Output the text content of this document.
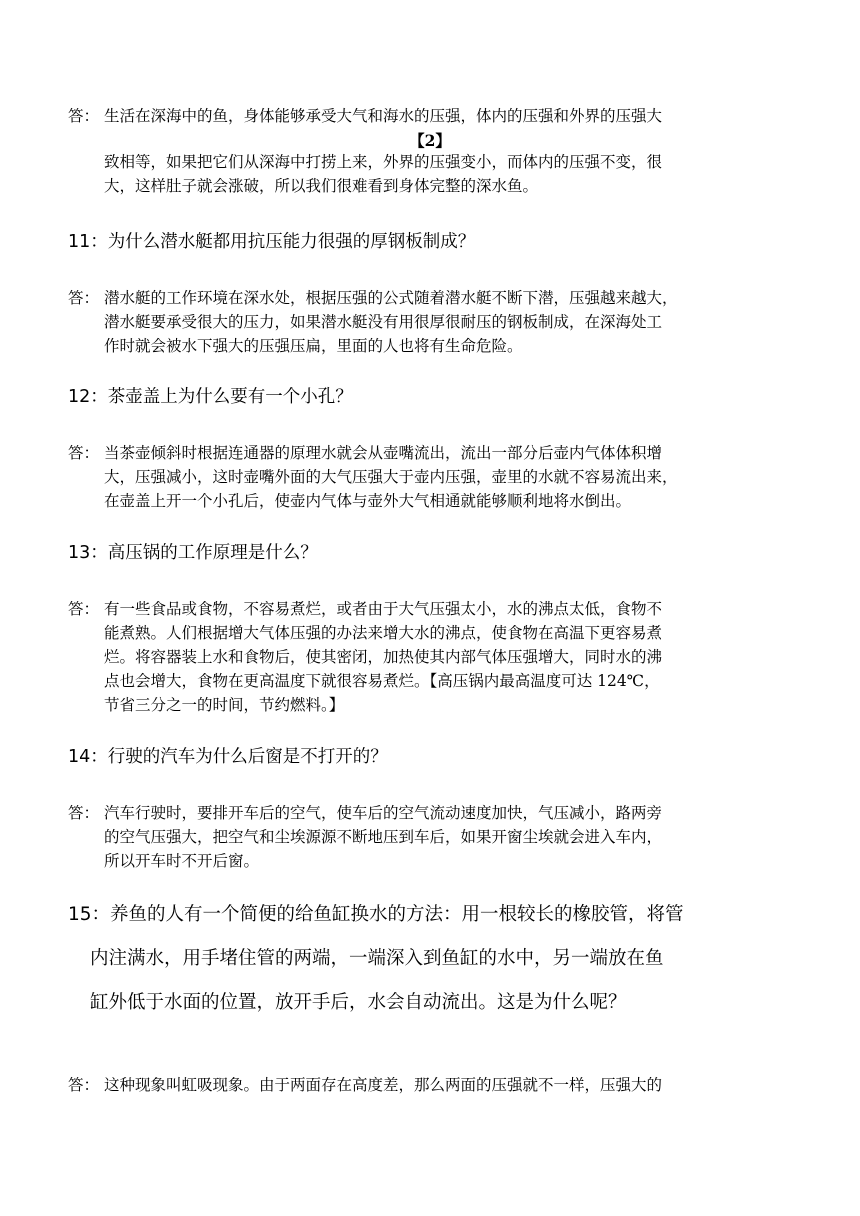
答： 生活在深海中的鱼，身体能够承受大气和海水的压强，体内的压强和外界的压强大
【2】
致相等，如果把它们从深海中打捞上来，外界的压强变小，而体内的压强不变，很
大，这样肚子就会涨破，所以我们很难看到身体完整的深水鱼。
11：为什么潜水艇都用抗压能力很强的厚钢板制成？
答： 潜水艇的工作环境在深水处，根据压强的公式随着潜水艇不断下潜，压强越来越大，
潜水艇要承受很大的压力，如果潜水艇没有用很厚很耐压的钢板制成，在深海处工
作时就会被水下强大的压强压扁，里面的人也将有生命危险。
12：茶壶盖上为什么要有一个小孔？
答： 当茶壶倾斜时根据连通器的原理水就会从壶嘴流出，流出一部分后壶内气体体积增
大，压强减小，这时壶嘴外面的大气压强大于壶内压强，壶里的水就不容易流出来，
在壶盖上开一个小孔后，使壶内气体与壶外大气相通就能够顺利地将水倒出。
13：高压锅的工作原理是什么？
答： 有一些食品或食物，不容易煮烂，或者由于大气压强太小，水的沸点太低，食物不
能煮熟。人们根据增大气体压强的办法来增大水的沸点，使食物在高温下更容易煮
烂。将容器装上水和食物后，使其密闭，加热使其内部气体压强增大，同时水的沸
点也会增大，食物在更高温度下就很容易煮烂。【高压锅内最高温度可达 124℃，
节省三分之一的时间，节约燃料。】
14：行驶的汽车为什么后窗是不打开的？
答： 汽车行驶时，要排开车后的空气，使车后的空气流动速度加快，气压减小，路两旁
的空气压强大，把空气和尘埃源源不断地压到车后，如果开窗尘埃就会进入车内，
所以开车时不开后窗。
15：养鱼的人有一个简便的给鱼缸换水的方法：用一根较长的橡胶管，将管
内注满水，用手堵住管的两端，一端深入到鱼缸的水中，另一端放在鱼
缸外低于水面的位置，放开手后，水会自动流出。这是为什么呢？
答： 这种现象叫虹吸现象。由于两面存在高度差，那么两面的压强就不一样，压强大的
